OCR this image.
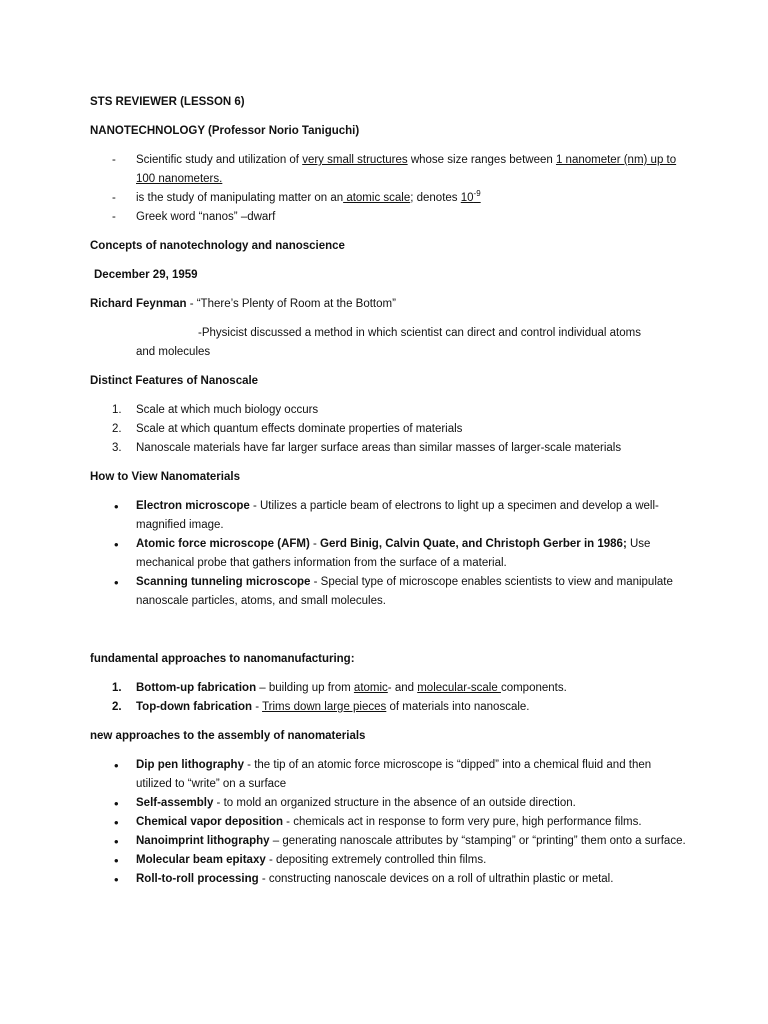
STS REVIEWER (LESSON 6)
NANOTECHNOLOGY (Professor Norio Taniguchi)
- Scientific study and utilization of very small structures whose size ranges between 1 nanometer (nm) up to 100 nanometers.
- is the study of manipulating matter on an atomic scale; denotes $10^{-9}$
- Greek word “nanos” –dwarf
Concepts of nanotechnology and nanoscience
December 29, 1959
Richard Feynman - “There’s Plenty of Room at the Bottom”
-Physicist discussed a method in which scientist can direct and control individual atoms
and molecules
Distinct Features of Nanoscale
1. Scale at which much biology occurs
2. Scale at which quantum effects dominate properties of materials
3. Nanoscale materials have far larger surface areas than similar masses of larger-scale materials
How to View Nanomaterials
• Electron microscope - Utilizes a particle beam of electrons to light up a specimen and develop a well-magnified image.
• Atomic force microscope (AFM) - Gerd Binig, Calvin Quate, and Christoph Gerber in 1986; Use mechanical probe that gathers information from the surface of a material.
• Scanning tunneling microscope - Special type of microscope enables scientists to view and manipulate nanoscale particles, atoms, and small molecules.
fundamental approaches to nanomanufacturing:
1. Bottom-up fabrication – building up from atomic- and molecular-scale components.
2. Top-down fabrication - Trims down large pieces of materials into nanoscale.
new approaches to the assembly of nanomaterials
• Dip pen lithography - the tip of an atomic force microscope is “dipped” into a chemical fluid and then utilized to “write” on a surface
• Self-assembly - to mold an organized structure in the absence of an outside direction.
• Chemical vapor deposition - chemicals act in response to form very pure, high performance films.
• Nanoimprint lithography – generating nanoscale attributes by “stamping” or “printing” them onto a surface.
• Molecular beam epitaxy - depositing extremely controlled thin films.
• Roll-to-roll processing - constructing nanoscale devices on a roll of ultrathin plastic or metal.
